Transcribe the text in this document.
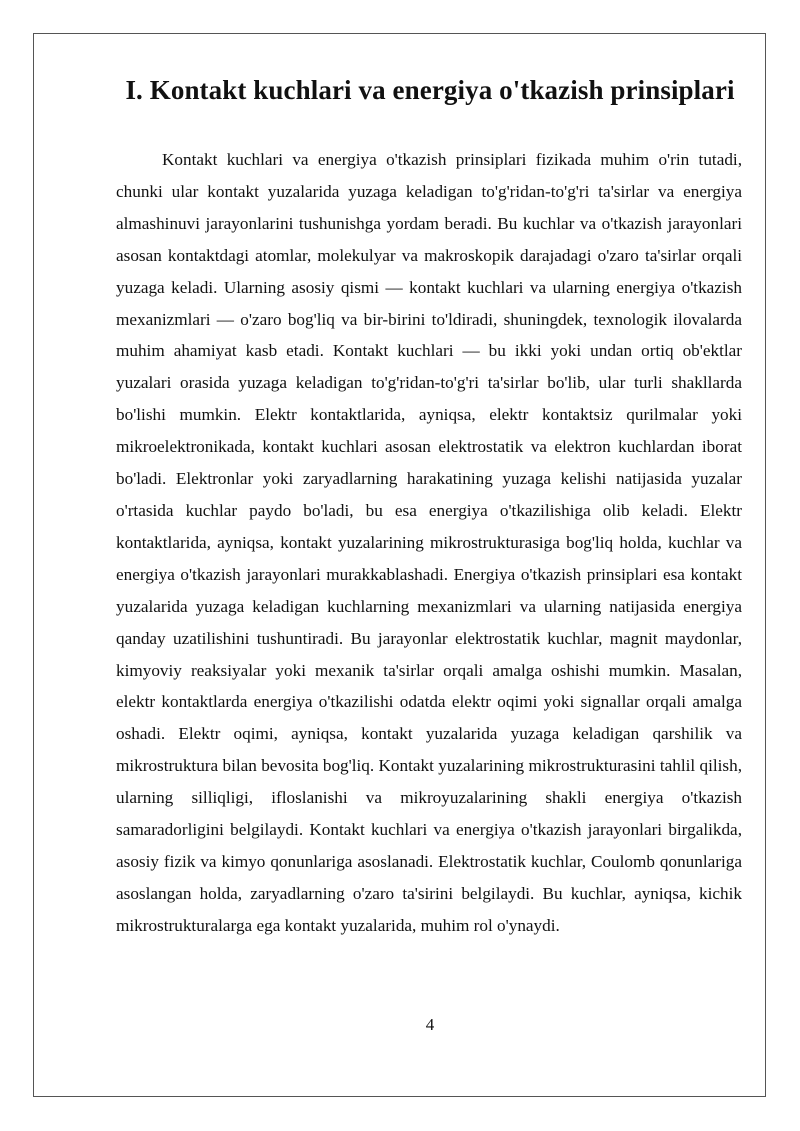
I. Kontakt kuchlari va energiya o'tkazish prinsiplari

Kontakt kuchlari va energiya o'tkazish prinsiplari fizikada muhim o'rin tutadi, chunki ular kontakt yuzalarida yuzaga keladigan to'g'ridan-to'g'ri ta'sirlar va energiya almashinuvi jarayonlarini tushunishga yordam beradi. Bu kuchlar va o'tkazish jarayonlari asosan kontaktdagi atomlar, molekulyar va makroskopik darajadagi o'zaro ta'sirlar orqali yuzaga keladi. Ularning asosiy qismi — kontakt kuchlari va ularning energiya o'tkazish mexanizmlari — o'zaro bog'liq va bir-birini to'ldiradi, shuningdek, texnologik ilovalarda muhim ahamiyat kasb etadi. Kontakt kuchlari — bu ikki yoki undan ortiq ob'ektlar yuzalari orasida yuzaga keladigan to'g'ridan-to'g'ri ta'sirlar bo'lib, ular turli shakllarda bo'lishi mumkin. Elektr kontaktlarida, ayniqsa, elektr kontaktsiz qurilmalar yoki mikroelektronikada, kontakt kuchlari asosan elektrostatik va elektron kuchlardan iborat bo'ladi. Elektronlar yoki zaryadlarning harakatining yuzaga kelishi natijasida yuzalar o'rtasida kuchlar paydo bo'ladi, bu esa energiya o'tkazilishiga olib keladi. Elektr kontaktlarida, ayniqsa, kontakt yuzalarining mikrostrukturasiga bog'liq holda, kuchlar va energiya o'tkazish jarayonlari murakkablashadi. Energiya o'tkazish prinsiplari esa kontakt yuzalarida yuzaga keladigan kuchlarning mexanizmlari va ularning natijasida energiya qanday uzatilishini tushuntiradi. Bu jarayonlar elektrostatik kuchlar, magnit maydonlar, kimyoviy reaksiyalar yoki mexanik ta'sirlar orqali amalga oshishi mumkin. Masalan, elektr kontaktlarda energiya o'tkazilishi odatda elektr oqimi yoki signallar orqali amalga oshadi. Elektr oqimi, ayniqsa, kontakt yuzalarida yuzaga keladigan qarshilik va mikrostruktura bilan bevosita bog'liq. Kontakt yuzalarining mikrostrukturasini tahlil qilish, ularning silliqligi, ifloslanishi va mikroyuzalarining shakli energiya o'tkazish samaradorligini belgilaydi. Kontakt kuchlari va energiya o'tkazish jarayonlari birgalikda, asosiy fizik va kimyo qonunlariga asoslanadi. Elektrostatik kuchlar, Coulomb qonunlariga asoslangan holda, zaryadlarning o'zaro ta'sirini belgilaydi. Bu kuchlar, ayniqsa, kichik mikrostrukturalarga ega kontakt yuzalarida, muhim rol o'ynaydi.

4
